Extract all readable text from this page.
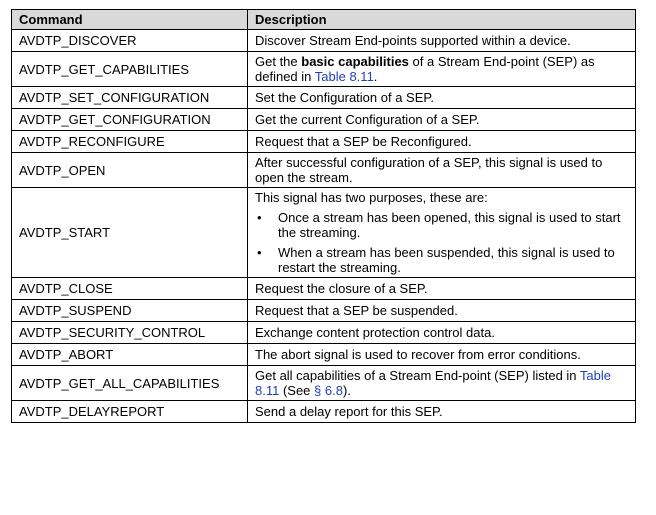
Command	Description
AVDTP_DISCOVER	Discover Stream End-points supported within a device.
AVDTP_GET_CAPABILITIES	Get the basic capabilities of a Stream End-point (SEP) as defined in Table 8.11.
AVDTP_SET_CONFIGURATION	Set the Configuration of a SEP.
AVDTP_GET_CONFIGURATION	Get the current Configuration of a SEP.
AVDTP_RECONFIGURE	Request that a SEP be Reconfigured.
AVDTP_OPEN	After successful configuration of a SEP, this signal is used to open the stream.
AVDTP_START	This signal has two purposes, these are:
• Once a stream has been opened, this signal is used to start the streaming.
• When a stream has been suspended, this signal is used to restart the streaming.

AVDTP_CLOSE	Request the closure of a SEP.
AVDTP_SUSPEND	Request that a SEP be suspended.
AVDTP_SECURITY_CONTROL	Exchange content protection control data.
AVDTP_ABORT	The abort signal is used to recover from error conditions.
AVDTP_GET_ALL_CAPABILITIES	Get all capabilities of a Stream End-point (SEP) listed in Table 8.11 (See § 6.8).
AVDTP_DELAYREPORT	Send a delay report for this SEP.
